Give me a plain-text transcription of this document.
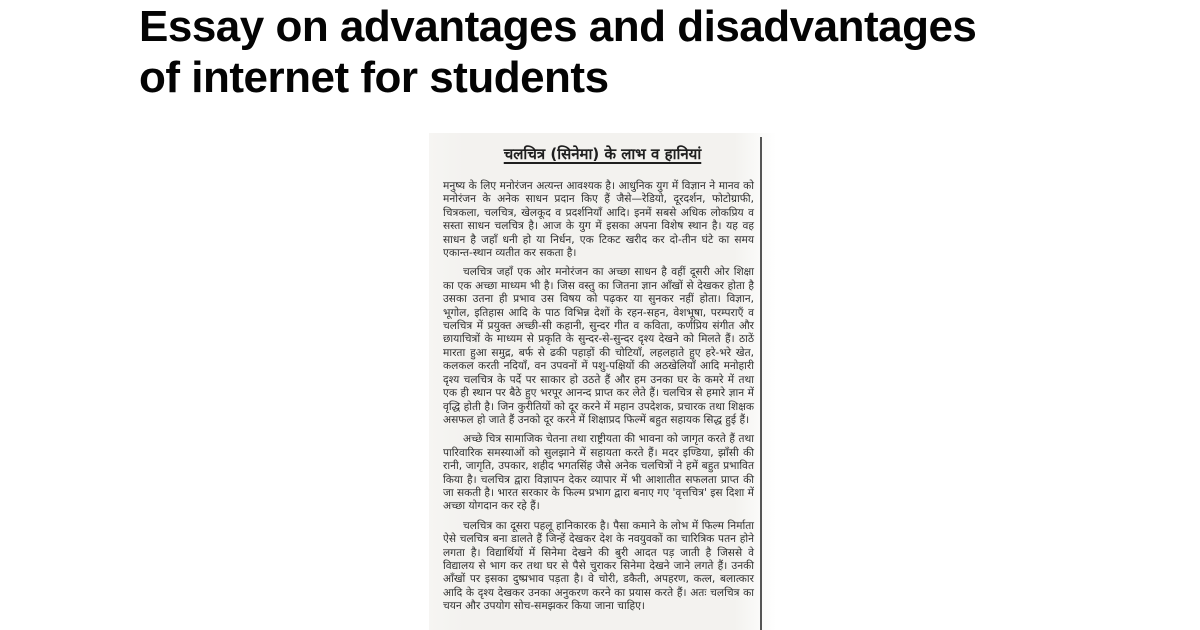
Essay on advantages and disadvantages
of internet for students
चलचित्र (सिनेमा) के लाभ व हानियां

मनुष्य के लिए मनोरंजन अत्यन्त आवश्यक है। आधुनिक युग में विज्ञान ने मानव को मनोरंजन के अनेक साधन प्रदान किए हैं जैसे—रेडियो, दूरदर्शन, फोटोग्राफी, चित्रकला, चलचित्र, खेलकूद व प्रदर्शनियाँ आदि। इनमें सबसे अधिक लोकप्रिय व सस्ता साधन चलचित्र है। आज के युग में इसका अपना विशेष स्थान है। यह वह साधन है जहाँ धनी हो या निर्धन, एक टिकट खरीद कर दो-तीन घंटे का समय एकान्त-स्थान व्यतीत कर सकता है।

चलचित्र जहाँ एक ओर मनोरंजन का अच्छा साधन है वहीं दूसरी ओर शिक्षा का एक अच्छा माध्यम भी है। जिस वस्तु का जितना ज्ञान आँखों से देखकर होता है उसका उतना ही प्रभाव उस विषय को पढ़कर या सुनकर नहीं होता। विज्ञान, भूगोल, इतिहास आदि के पाठ विभिन्न देशों के रहन-सहन, वेशभूषा, परम्पराएँ व चलचित्र में प्रयुक्त अच्छी-सी कहानी, सुन्दर गीत व कविता, कर्णप्रिय संगीत और छायाचित्रों के माध्यम से प्रकृति के सुन्दर-से-सुन्दर दृश्य देखने को मिलते हैं। ठाठें मारता हुआ समुद्र, बर्फ से ढकी पहाड़ों की चोटियाँ, लहलहाते हुए हरे-भरे खेत, कलकल करती नदियाँ, वन उपवनों में पशु-पक्षियों की अठखेलियाँ आदि मनोहारी दृश्य चलचित्र के पर्दे पर साकार हो उठते हैं और हम उनका घर के कमरे में तथा एक ही स्थान पर बैठे हुए भरपूर आनन्द प्राप्त कर लेते हैं। चलचित्र से हमारे ज्ञान में वृद्धि होती है। जिन कुरीतियों को दूर करने में महान उपदेशक, प्रचारक तथा शिक्षक असफल हो जाते हैं उनको दूर करने में शिक्षाप्रद फिल्में बहुत सहायक सिद्ध हुई हैं।

अच्छे चित्र सामाजिक चेतना तथा राष्ट्रीयता की भावना को जागृत करते हैं तथा पारिवारिक समस्याओं को सुलझाने में सहायता करते हैं। मदर इण्डिया, झाँसी की रानी, जागृति, उपकार, शहीद भगतसिंह जैसे अनेक चलचित्रों ने हमें बहुत प्रभावित किया है। चलचित्र द्वारा विज्ञापन देकर व्यापार में भी आशातीत सफलता प्राप्त की जा सकती है। भारत सरकार के फिल्म प्रभाग द्वारा बनाए गए 'वृत्तचित्र' इस दिशा में अच्छा योगदान कर रहे हैं।

चलचित्र का दूसरा पहलू हानिकारक है। पैसा कमाने के लोभ में फिल्म निर्माता ऐसे चलचित्र बना डालते हैं जिन्हें देखकर देश के नवयुवकों का चारित्रिक पतन होने लगता है। विद्यार्थियों में सिनेमा देखने की बुरी आदत पड़ जाती है जिससे वे विद्यालय से भाग कर तथा घर से पैसे चुराकर सिनेमा देखने जाने लगते हैं। उनकी आँखों पर इसका दुष्प्रभाव पड़ता है। वे चोरी, डकैती, अपहरण, कत्ल, बलात्कार आदि के दृश्य देखकर उनका अनुकरण करने का प्रयास करते हैं। अतः चलचित्र का चयन और उपयोग सोच-समझकर किया जाना चाहिए।
